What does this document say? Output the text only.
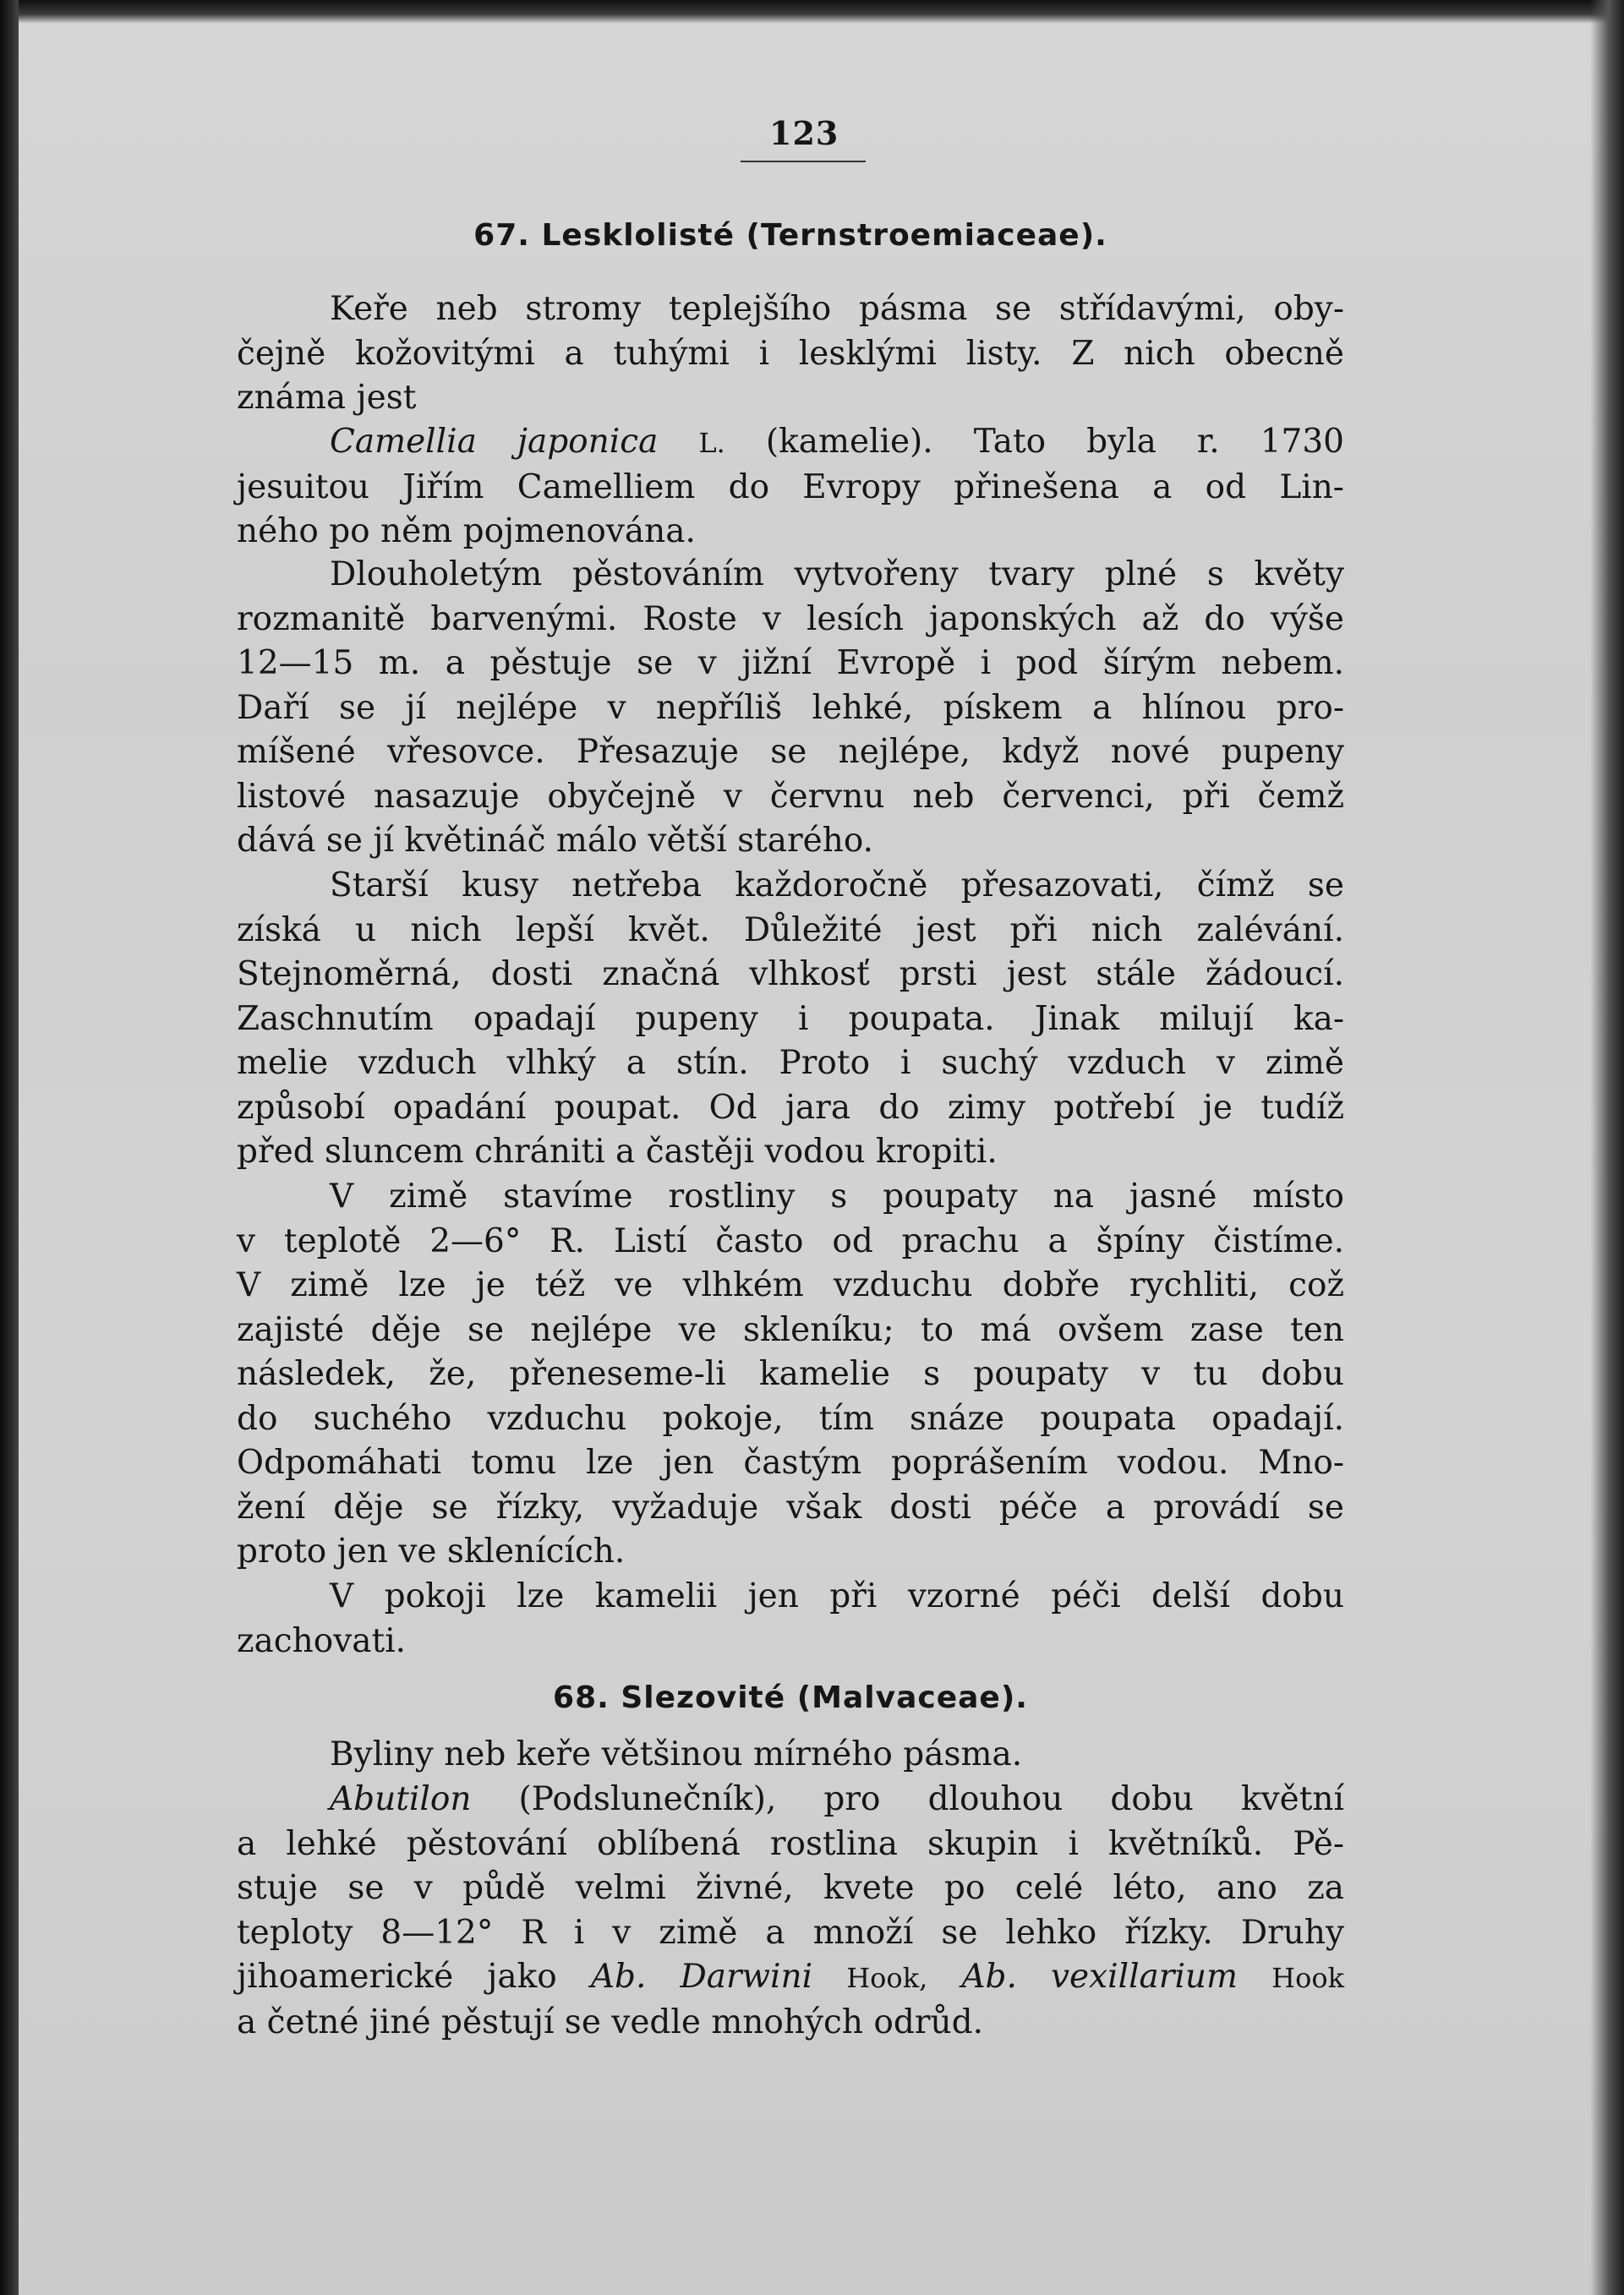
123
67. Lesklolisté (Ternstroemiaceae).

Keře neb stromy teplejšího pásma se střídavými, oby-
čejně kožovitými a tuhými i lesklými listy. Z nich obecně
známa jest

Camellia japonica L. (kamelie). Tato byla r. 1730
jesuitou Jiřím Camelliem do Evropy přinešena a od Lin-
ného po něm pojmenována.

Dlouholetým pěstováním vytvořeny tvary plné s květy
rozmanitě barvenými. Roste v lesích japonských až do výše
12—15 m. a pěstuje se v jižní Evropě i pod šírým nebem.
Daří se jí nejlépe v nepříliš lehké, pískem a hlínou pro-
míšené vřesovce. Přesazuje se nejlépe, když nové pupeny
listové nasazuje obyčejně v červnu neb červenci, při čemž
dává se jí květináč málo větší starého.

Starší kusy netřeba každoročně přesazovati, čímž se
získá u nich lepší květ. Důležité jest při nich zalévání.
Stejnoměrná, dosti značná vlhkosť prsti jest stále žádoucí.
Zaschnutím opadají pupeny i poupata. Jinak milují ka-
melie vzduch vlhký a stín. Proto i suchý vzduch v zimě
způsobí opadání poupat. Od jara do zimy potřebí je tudíž
před sluncem chrániti a častěji vodou kropiti.

V zimě stavíme rostliny s poupaty na jasné místo
v teplotě 2—6° R. Listí často od prachu a špíny čistíme.
V zimě lze je též ve vlhkém vzduchu dobře rychliti, což
zajisté děje se nejlépe ve skleníku; to má ovšem zase ten
následek, že, přeneseme-li kamelie s poupaty v tu dobu
do suchého vzduchu pokoje, tím snáze poupata opadají.
Odpomáhati tomu lze jen častým poprášením vodou. Mno-
žení děje se řízky, vyžaduje však dosti péče a provádí se
proto jen ve sklenících.

V pokoji lze kamelii jen při vzorné péči delší dobu
zachovati.

68. Slezovité (Malvaceae).

Byliny neb keře většinou mírného pásma.

Abutilon (Podslunečník), pro dlouhou dobu květní
a lehké pěstování oblíbená rostlina skupin i květníků. Pě-
stuje se v půdě velmi živné, kvete po celé léto, ano za
teploty 8—12° R i v zimě a množí se lehko řízky. Druhy
jihoamerické jako Ab. Darwini Hook, Ab. vexillarium Hook
a četné jiné pěstují se vedle mnohých odrůd.
